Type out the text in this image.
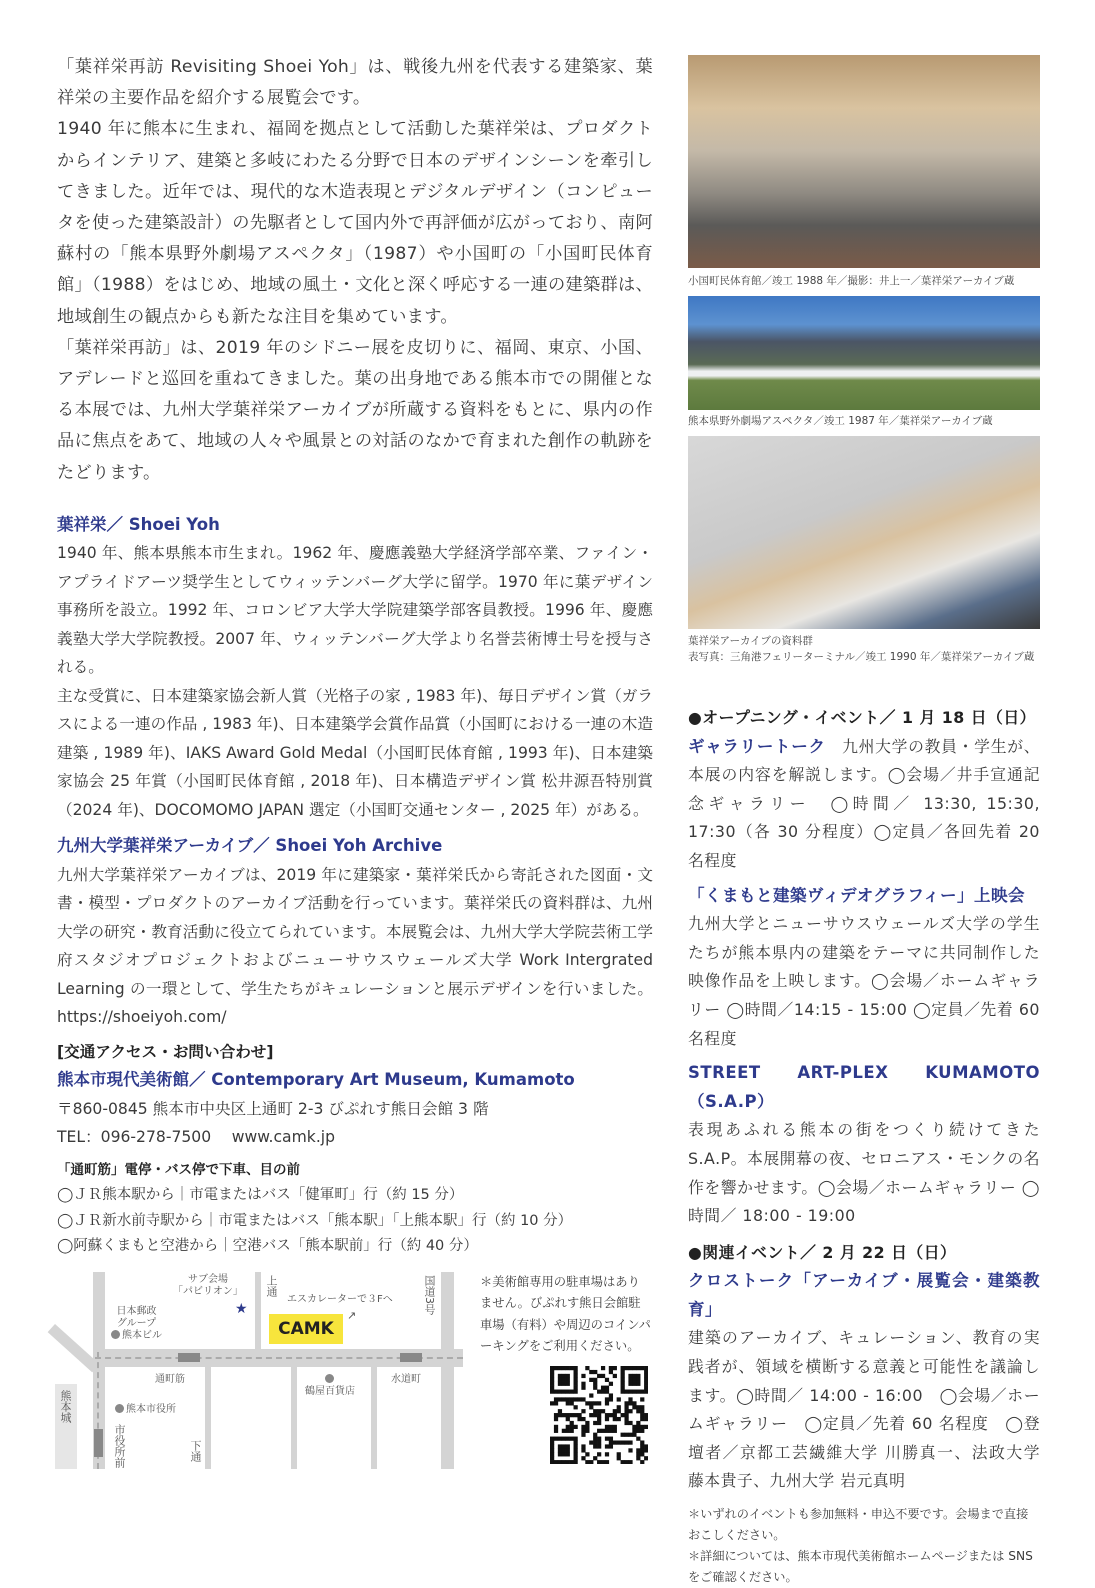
「葉祥栄再訪 Revisiting Shoei Yoh」は、戦後九州を代表する建築家、葉祥栄の主要作品を紹介する展覧会です。

1940 年に熊本に生まれ、福岡を拠点として活動した葉祥栄は、プロダクトからインテリア、建築と多岐にわたる分野で日本のデザインシーンを牽引してきました。近年では、現代的な木造表現とデジタルデザイン（コンピュータを使った建築設計）の先駆者として国内外で再評価が広がっており、南阿蘇村の「熊本県野外劇場アスペクタ」（1987）や小国町の「小国町民体育館」（1988）をはじめ、地域の風土・文化と深く呼応する一連の建築群は、地域創生の観点からも新たな注目を集めています。

「葉祥栄再訪」は、2019 年のシドニー展を皮切りに、福岡、東京、小国、アデレードと巡回を重ねてきました。葉の出身地である熊本市での開催となる本展では、九州大学葉祥栄アーカイブが所蔵する資料をもとに、県内の作品に焦点をあて、地域の人々や風景との対話のなかで育まれた創作の軌跡をたどります。

葉祥栄／ Shoei Yoh

1940 年、熊本県熊本市生まれ。1962 年、慶應義塾大学経済学部卒業、ファイン・アプライドアーツ奨学生としてウィッテンバーグ大学に留学。1970 年に葉デザイン事務所を設立。1992 年、コロンビア大学大学院建築学部客員教授。1996 年、慶應義塾大学大学院教授。2007 年、ウィッテンバーグ大学より名誉芸術博士号を授与される。

主な受賞に、日本建築家協会新人賞（光格子の家 , 1983 年)、毎日デザイン賞（ガラスによる一連の作品 , 1983 年)、日本建築学会賞作品賞（小国町における一連の木造建築 , 1989 年)、IAKS Award Gold Medal（小国町民体育館 , 1993 年)、日本建築家協会 25 年賞（小国町民体育館 , 2018 年)、日本構造デザイン賞 松井源吾特別賞（2024 年)、DOCOMOMO JAPAN 選定（小国町交通センター , 2025 年）がある。

九州大学葉祥栄アーカイブ／ Shoei Yoh Archive

九州大学葉祥栄アーカイブは、2019 年に建築家・葉祥栄氏から寄託された図面・文書・模型・プロダクトのアーカイブ活動を行っています。葉祥栄氏の資料群は、九州大学の研究・教育活動に役立てられています。本展覧会は、九州大学大学院芸術工学府スタジオプロジェクトおよびニューサウスウェールズ大学 Work Intergrated Learning の一環として、学生たちがキュレーションと展示デザインを行いました。https://shoeiyoh.com/

[交通アクセス・お問い合わせ]
熊本市現代美術館／ Contemporary Art Museum, Kumamoto
〒860-0845 熊本市中央区上通町 2-3 びぷれす熊日会館 3 階
TEL：096-278-7500　 www.camk.jp
「通町筋」電停・バス停で下車、目の前
◯ＪＲ熊本駅から｜市電またはバス「健軍町」行（約 15 分）
◯ＪＲ新水前寺駅から｜市電またはバス「熊本駅」「上熊本駅」行（約 10 分）
◯阿蘇くまもと空港から｜空港バス「熊本駅前」行（約 40 分）
サブ会場
「パビリオン」
★
日本郵政
グループ
熊本ビル
上通	国道3号
エスカレーターで３Fへ
↗
CAMK
通町筋	水道町

鶴屋百貨店
熊本市役所
熊本城
市役所前	下通
＊美術館専用の駐車場はありません。びぷれす熊日会館駐車場（有料）や周辺のコインパーキングをご利用ください。
小国町民体育館／竣工 1988 年／撮影：井上一／葉祥栄アーカイブ蔵
熊本県野外劇場アスペクタ／竣工 1987 年／葉祥栄アーカイブ蔵
葉祥栄アーカイブの資料群
表写真：三角港フェリーターミナル／竣工 1990 年／葉祥栄アーカイブ蔵
●オープニング・イベント／ 1 月 18 日（日）

ギャラリートーク　九州大学の教員・学生が、本展の内容を解説します。◯会場／井手宣通記念ギャラリー　◯時間／ 13:30, 15:30, 17:30（各 30 分程度）◯定員／各回先着 20 名程度

「くまもと建築ヴィデオグラフィー」上映会

九州大学とニューサウスウェールズ大学の学生たちが熊本県内の建築をテーマに共同制作した映像作品を上映します。◯会場／ホームギャラリー ◯時間／14:15 - 15:00 ◯定員／先着 60 名程度

STREET ART-PLEX KUMAMOTO（S.A.P）

表現あふれる熊本の街をつくり続けてきたS.A.P。本展開幕の夜、セロニアス・モンクの名作を響かせます。◯会場／ホームギャラリー ◯時間／ 18:00 - 19:00

●関連イベント／ 2 月 22 日（日）
クロストーク「アーカイブ・展覧会・建築教育」

建築のアーカイブ、キュレーション、教育の実践者が、領域を横断する意義と可能性を議論します。◯時間／ 14:00 - 16:00　◯会場／ホームギャラリー　◯定員／先着 60 名程度　◯登壇者／京都工芸繊維大学 川勝真一、法政大学 藤本貴子、九州大学 岩元真明

＊いずれのイベントも参加無料・申込不要です。会場まで直接おこしください。

＊詳細については、熊本市現代美術館ホームページまたは SNS をご確認ください。
